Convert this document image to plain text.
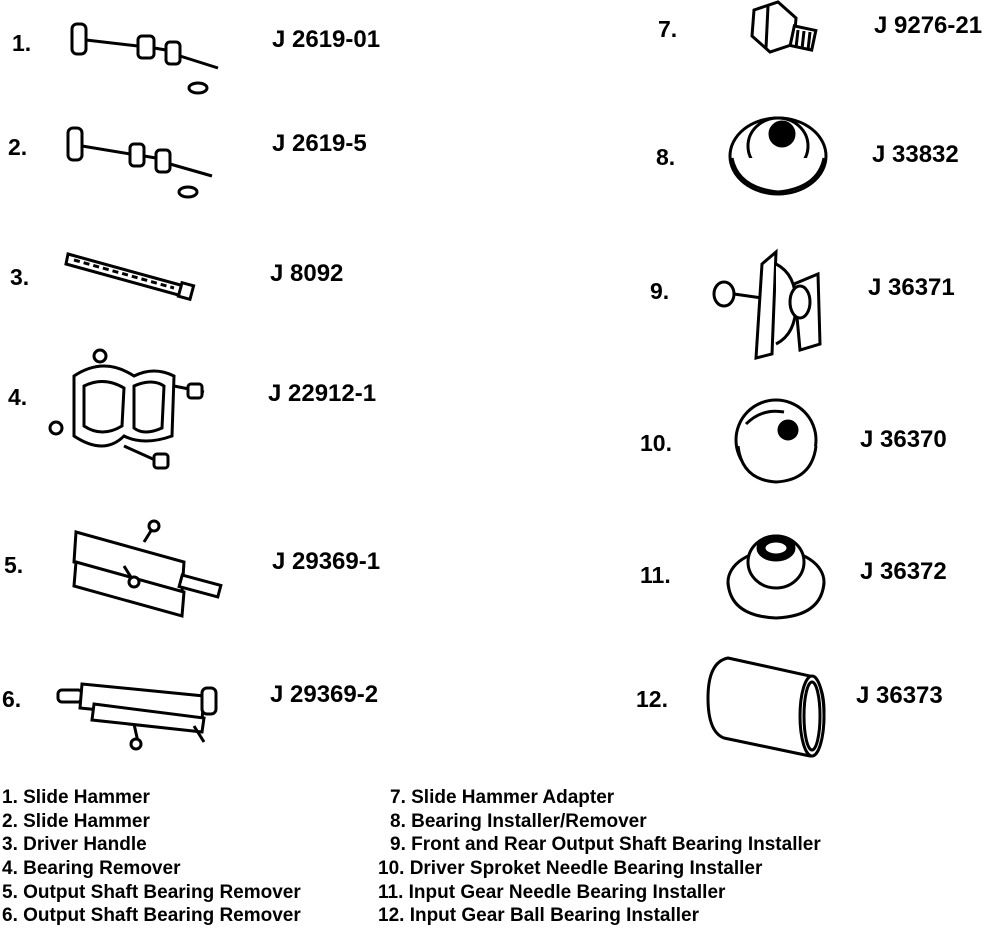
1.	J 2619-01
2.	J 2619-5
3.	J 8092
4.	J 22912-1
5.	J 29369-1
6.	J 29369-2
7.	J 9276-21
8.	J 33832
9.	J 36371
10.	J 36370
11.	J 36372
12.	J 36373
1. Slide Hammer
2. Slide Hammer
3. Driver Handle
4. Bearing Remover
5. Output Shaft Bearing Remover
6. Output Shaft Bearing Remover
7. Slide Hammer Adapter
8. Bearing Installer/Remover
9. Front and Rear Output Shaft Bearing Installer
10. Driver Sproket Needle Bearing Installer
11. Input Gear Needle Bearing Installer
12. Input Gear Ball Bearing Installer
